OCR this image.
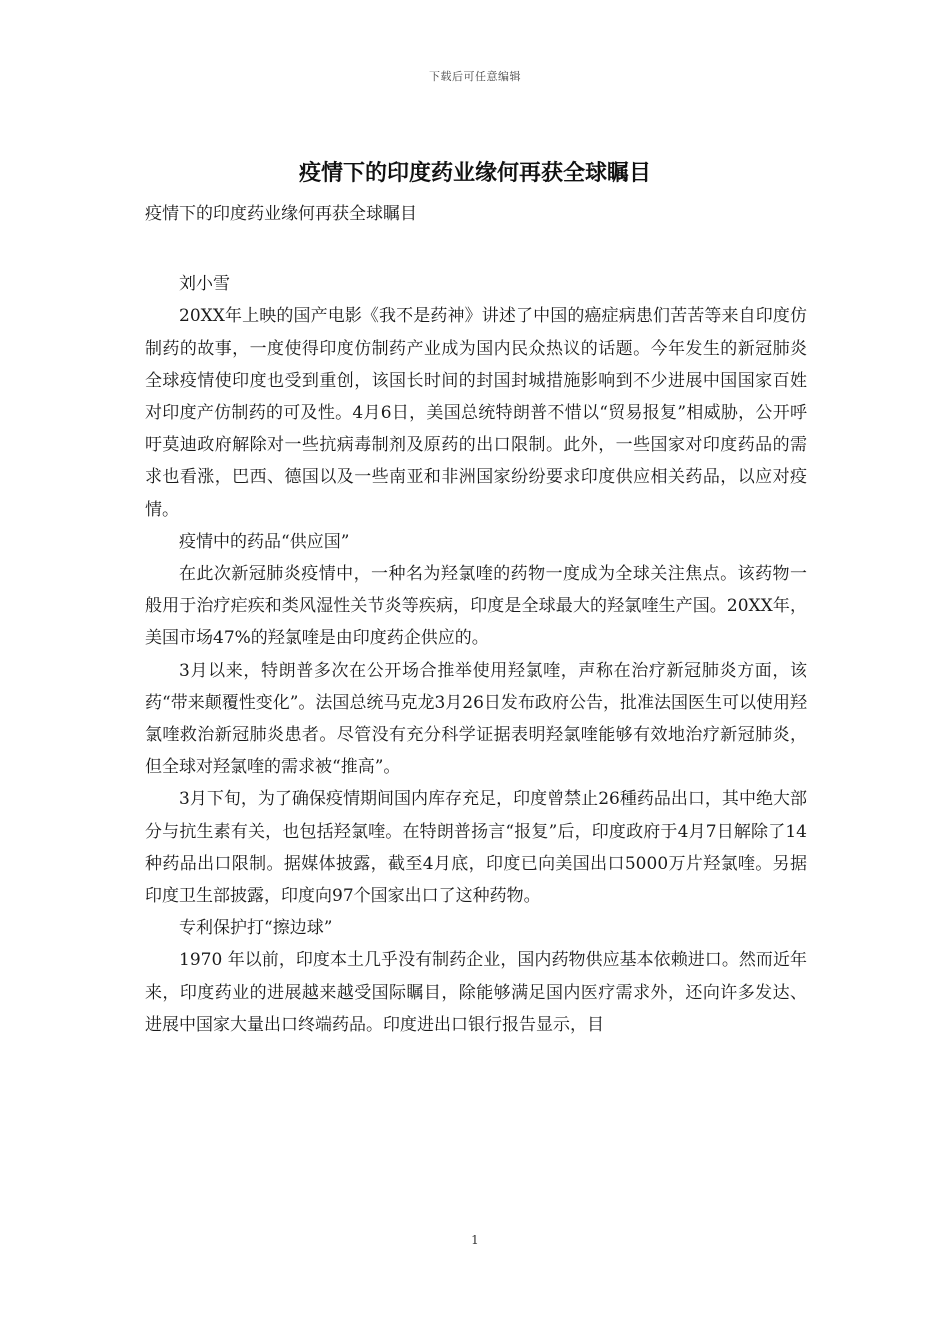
下载后可任意编辑
疫情下的印度药业缘何再获全球瞩目

疫情下的印度药业缘何再获全球瞩目

刘小雪

20XX年上映的国产电影《我不是药神》讲述了中国的癌症病患们苦苦等来自印度仿制药的故事，一度使得印度仿制药产业成为国内民众热议的话题。今年发生的新冠肺炎全球疫情使印度也受到重创，该国长时间的封国封城措施影响到不少进展中国国家百姓对印度产仿制药的可及性。4月6日，美国总统特朗普不惜以“贸易报复”相威胁，公开呼吁莫迪政府解除对一些抗病毒制剂及原药的出口限制。此外，一些国家对印度药品的需求也看涨，巴西、德国以及一些南亚和非洲国家纷纷要求印度供应相关药品，以应对疫情。

疫情中的药品“供应国”

在此次新冠肺炎疫情中，一种名为羟氯喹的药物一度成为全球关注焦点。该药物一般用于治疗疟疾和类风湿性关节炎等疾病，印度是全球最大的羟氯喹生产国。20XX年，美国市场47%的羟氯喹是由印度药企供应的。

3月以来，特朗普多次在公开场合推举使用羟氯喹，声称在治疗新冠肺炎方面，该药“带来颠覆性变化”。法国总统马克龙3月26日发布政府公告，批准法国医生可以使用羟氯喹救治新冠肺炎患者。尽管没有充分科学证据表明羟氯喹能够有效地治疗新冠肺炎，但全球对羟氯喹的需求被“推高”。

3月下旬，为了确保疫情期间国内库存充足，印度曾禁止26種药品出口，其中绝大部分与抗生素有关，也包括羟氯喹。在特朗普扬言“报复”后，印度政府于4月7日解除了14种药品出口限制。据媒体披露，截至4月底，印度已向美国出口5000万片羟氯喹。另据印度卫生部披露，印度向97个国家出口了这种药物。

专利保护打“擦边球”

1970 年以前，印度本土几乎没有制药企业，国内药物供应基本依赖进口。然而近年来，印度药业的进展越来越受国际瞩目，除能够满足国内医疗需求外，还向许多发达、进展中国家大量出口终端药品。印度进出口银行报告显示，目

1
